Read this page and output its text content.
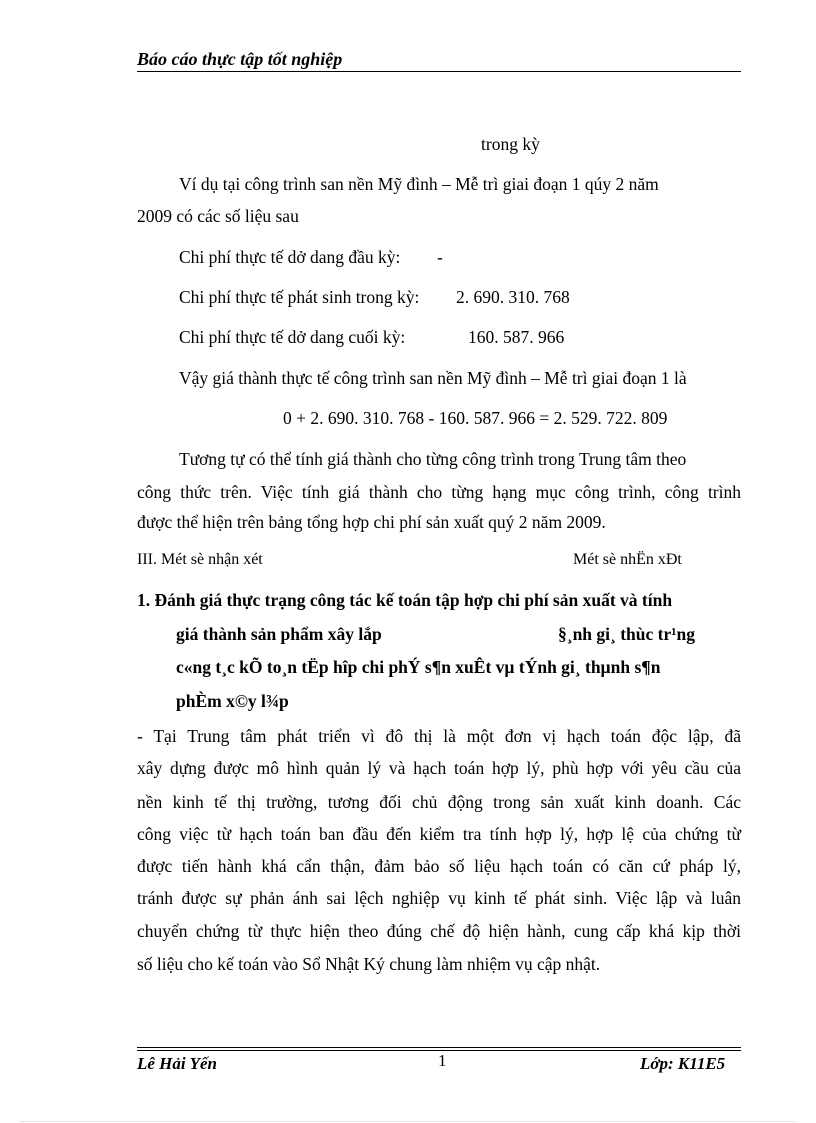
Báo cáo thực tập tốt nghiệp
trong kỳ
Ví dụ tại công trình san nền Mỹ đình – Mễ trì giai đoạn 1 qúy 2 năm
2009 có các số liệu sau
Chi phí thực tế dở dang đầu kỳ: -
Chi phí thực tế phát sinh trong kỳ: 2. 690. 310. 768
Chi phí thực tế dở dang cuối kỳ:	160. 587. 966
Vậy giá thành thực tế công trình san nền Mỹ đình – Mễ trì giai đoạn 1 là
0 + 2. 690. 310. 768 - 160. 587. 966 = 2. 529. 722. 809
Tương tự có thể tính giá thành cho từng công trình trong Trung tâm theo
công thức trên. Việc tính giá thành cho từng hạng mục công trình, công trình
được thể hiện trên bảng tổng hợp chi phí sản xuất quý 2 năm 2009.
III. Mét sè nhận xét	Mét sè nhËn xÐt
1. Đánh giá thực trạng công tác kế toán tập hợp chi phí sản xuất và tính
giá thành sản phẩm xây lắp	§¸nh gi¸ thùc tr¹ng
c«ng t¸c kÕ to¸n tËp hîp chi phÝ s¶n xuÊt vµ tÝnh gi¸ thµnh s¶n
phÈm x©y l¾p
- Tại Trung tâm phát triển vì đô thị là một đơn vị hạch toán độc lập, đã
xây dựng được mô hình quản lý và hạch toán hợp lý, phù hợp với yêu cầu của
nền kinh tế thị trường, tương đối chủ động trong sản xuất kinh doanh. Các
công việc từ hạch toán ban đầu đến kiểm tra tính hợp lý, hợp lệ của chứng từ
được tiến hành khá cẩn thận, đảm bảo số liệu hạch toán có căn cứ pháp lý,
tránh được sự phản ánh sai lệch nghiệp vụ kinh tế phát sinh. Việc lập và luân
chuyển chứng từ thực hiện theo đúng chế độ hiện hành, cung cấp khá kịp thời
số liệu cho kế toán vào Sổ Nhật Ký chung làm nhiệm vụ cập nhật.
Lê Hải Yến	1	Lớp: K11E5
